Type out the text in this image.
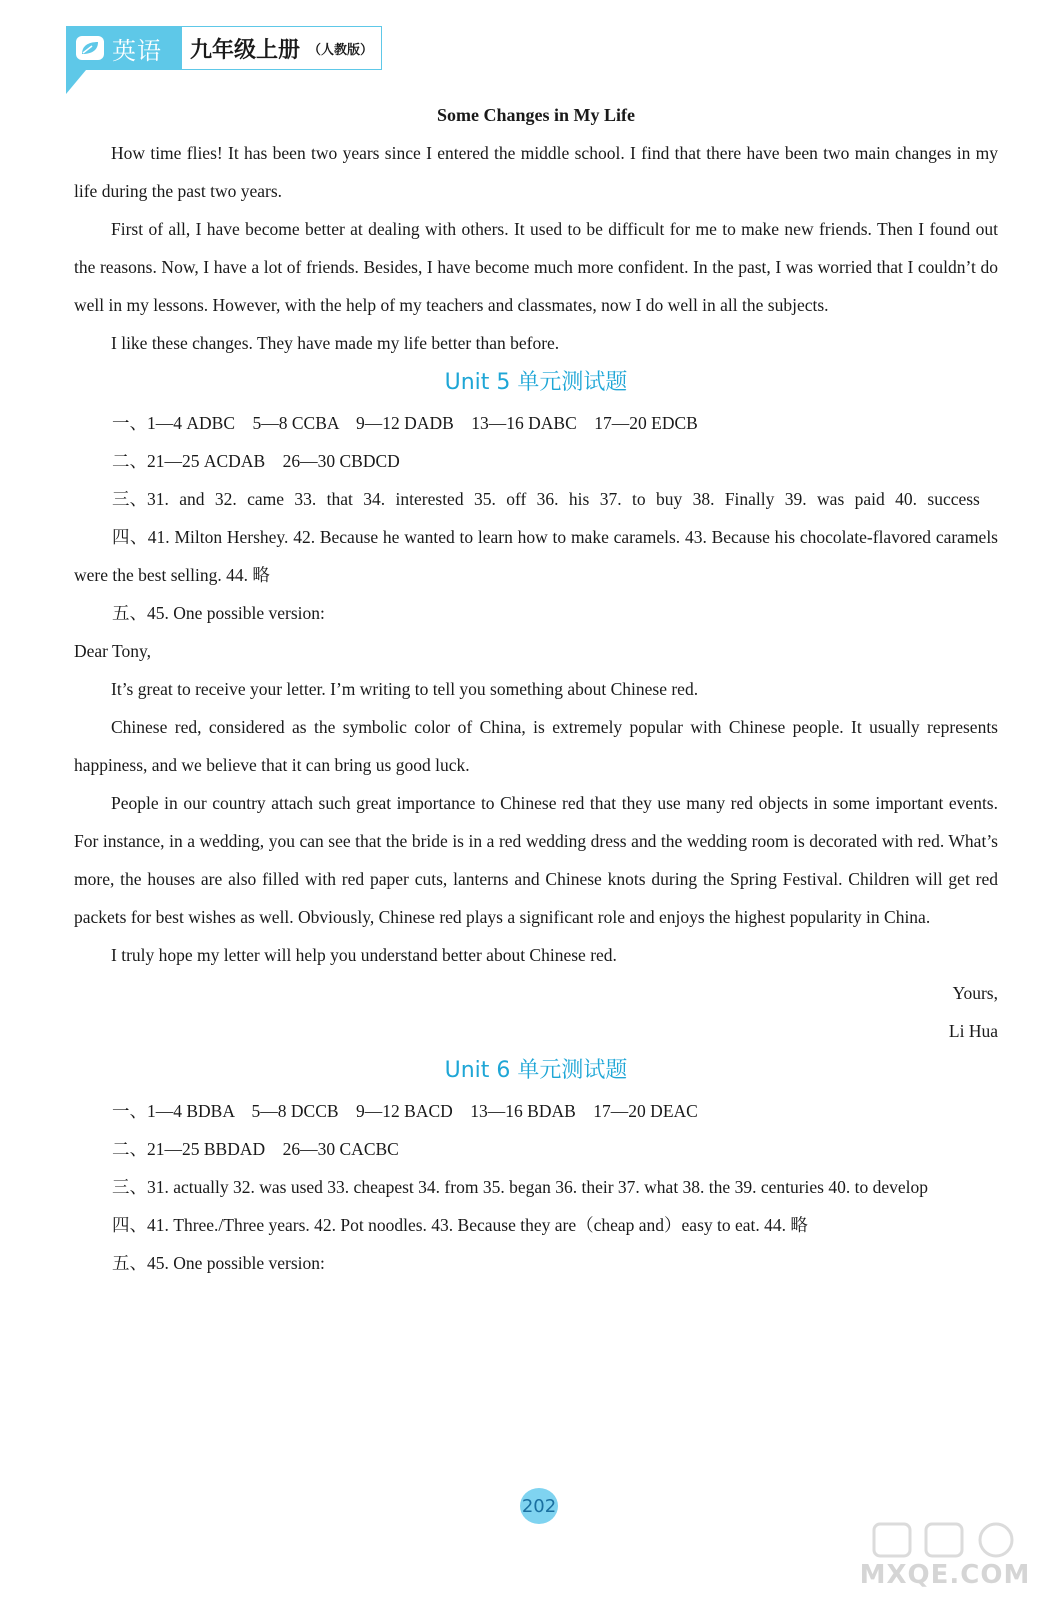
英语 九年级上册 （人教版）

Some Changes in My Life

How time flies! It has been two years since I entered the middle school. I find that there have been two main changes in my life during the past two years.

First of all, I have become better at dealing with others. It used to be difficult for me to make new friends. Then I found out the reasons. Now, I have a lot of friends. Besides, I have become much more confident. In the past, I was worried that I couldn’t do well in my lessons. However, with the help of my teachers and classmates, now I do well in all the subjects.

I like these changes. They have made my life better than before.

Unit 5 单元测试题

一、1—4 ADBC    5—8 CCBA    9—12 DADB    13—16 DABC    17—20 EDCB

二、21—25 ACDAB    26—30 CBDCD

三、31. and 32. came 33. that 34. interested 35. off 36. his 37. to buy 38. Finally 39. was paid 40. success

四、41. Milton Hershey. 42. Because he wanted to learn how to make caramels. 43. Because his chocolate-flavored caramels were the best selling. 44. 略

五、45. One possible version:

Dear Tony,

It’s great to receive your letter. I’m writing to tell you something about Chinese red.

Chinese red, considered as the symbolic color of China, is extremely popular with Chinese people. It usually represents happiness, and we believe that it can bring us good luck.

People in our country attach such great importance to Chinese red that they use many red objects in some important events. For instance, in a wedding, you can see that the bride is in a red wedding dress and the wedding room is decorated with red. What’s more, the houses are also filled with red paper cuts, lanterns and Chinese knots during the Spring Festival. Children will get red packets for best wishes as well. Obviously, Chinese red plays a significant role and enjoys the highest popularity in China.

I truly hope my letter will help you understand better about Chinese red.

Yours,

Li Hua

Unit 6 单元测试题

一、1—4 BDBA    5—8 DCCB    9—12 BACD    13—16 BDAB    17—20 DEAC

二、21—25 BBDAD    26—30 CACBC

三、31. actually 32. was used 33. cheapest 34. from 35. began 36. their 37. what 38. the 39. centuries 40. to develop

四、41. Three./Three years. 42. Pot noodles. 43. Because they are（cheap and）easy to eat. 44. 略

五、45. One possible version:

202
MXQE.COM
